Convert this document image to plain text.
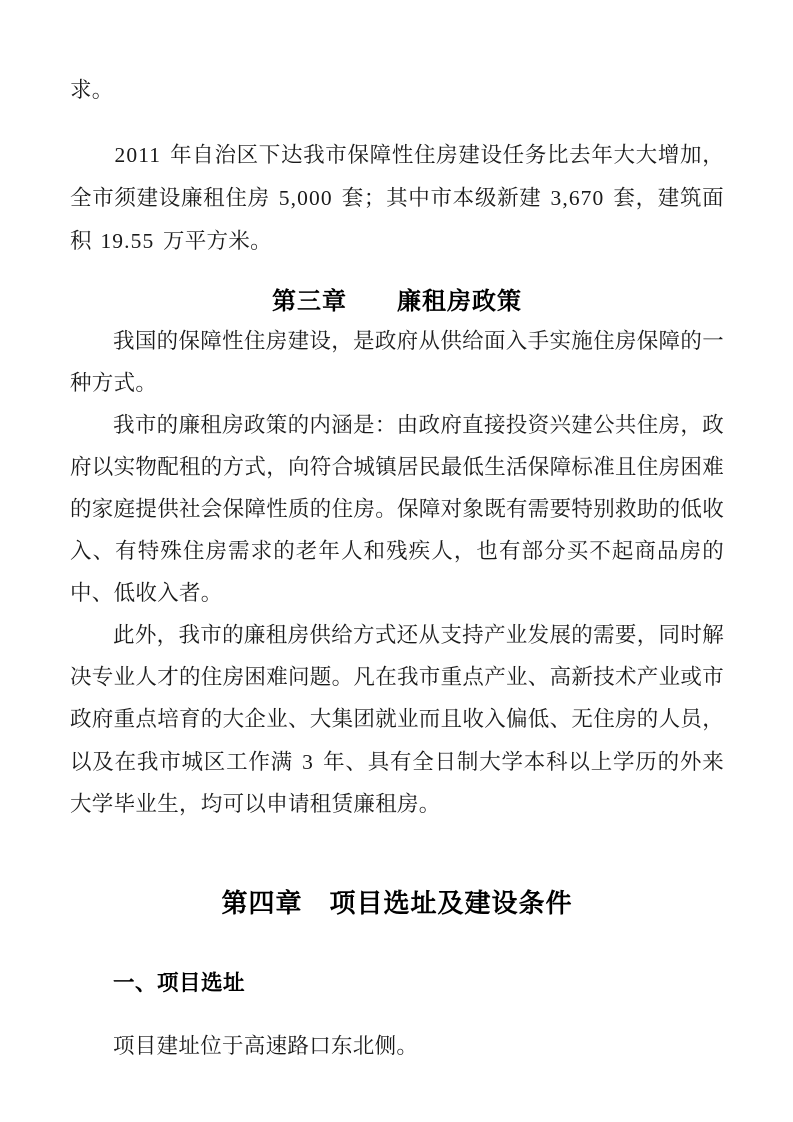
求。

2011 年自治区下达我市保障性住房建设任务比去年大大增加，全市须建设廉租住房 5,000 套；其中市本级新建 3,670 套，建筑面积 19.55 万平方米。

第三章　　廉租房政策

我国的保障性住房建设，是政府从供给面入手实施住房保障的一种方式。

我市的廉租房政策的内涵是：由政府直接投资兴建公共住房，政府以实物配租的方式，向符合城镇居民最低生活保障标准且住房困难的家庭提供社会保障性质的住房。保障对象既有需要特别救助的低收入、有特殊住房需求的老年人和残疾人，也有部分买不起商品房的中、低收入者。

此外，我市的廉租房供给方式还从支持产业发展的需要，同时解决专业人才的住房困难问题。凡在我市重点产业、高新技术产业或市政府重点培育的大企业、大集团就业而且收入偏低、无住房的人员，以及在我市城区工作满 3 年、具有全日制大学本科以上学历的外来大学毕业生，均可以申请租赁廉租房。

第四章　项目选址及建设条件
一、项目选址

项目建址位于高速路口东北侧。
